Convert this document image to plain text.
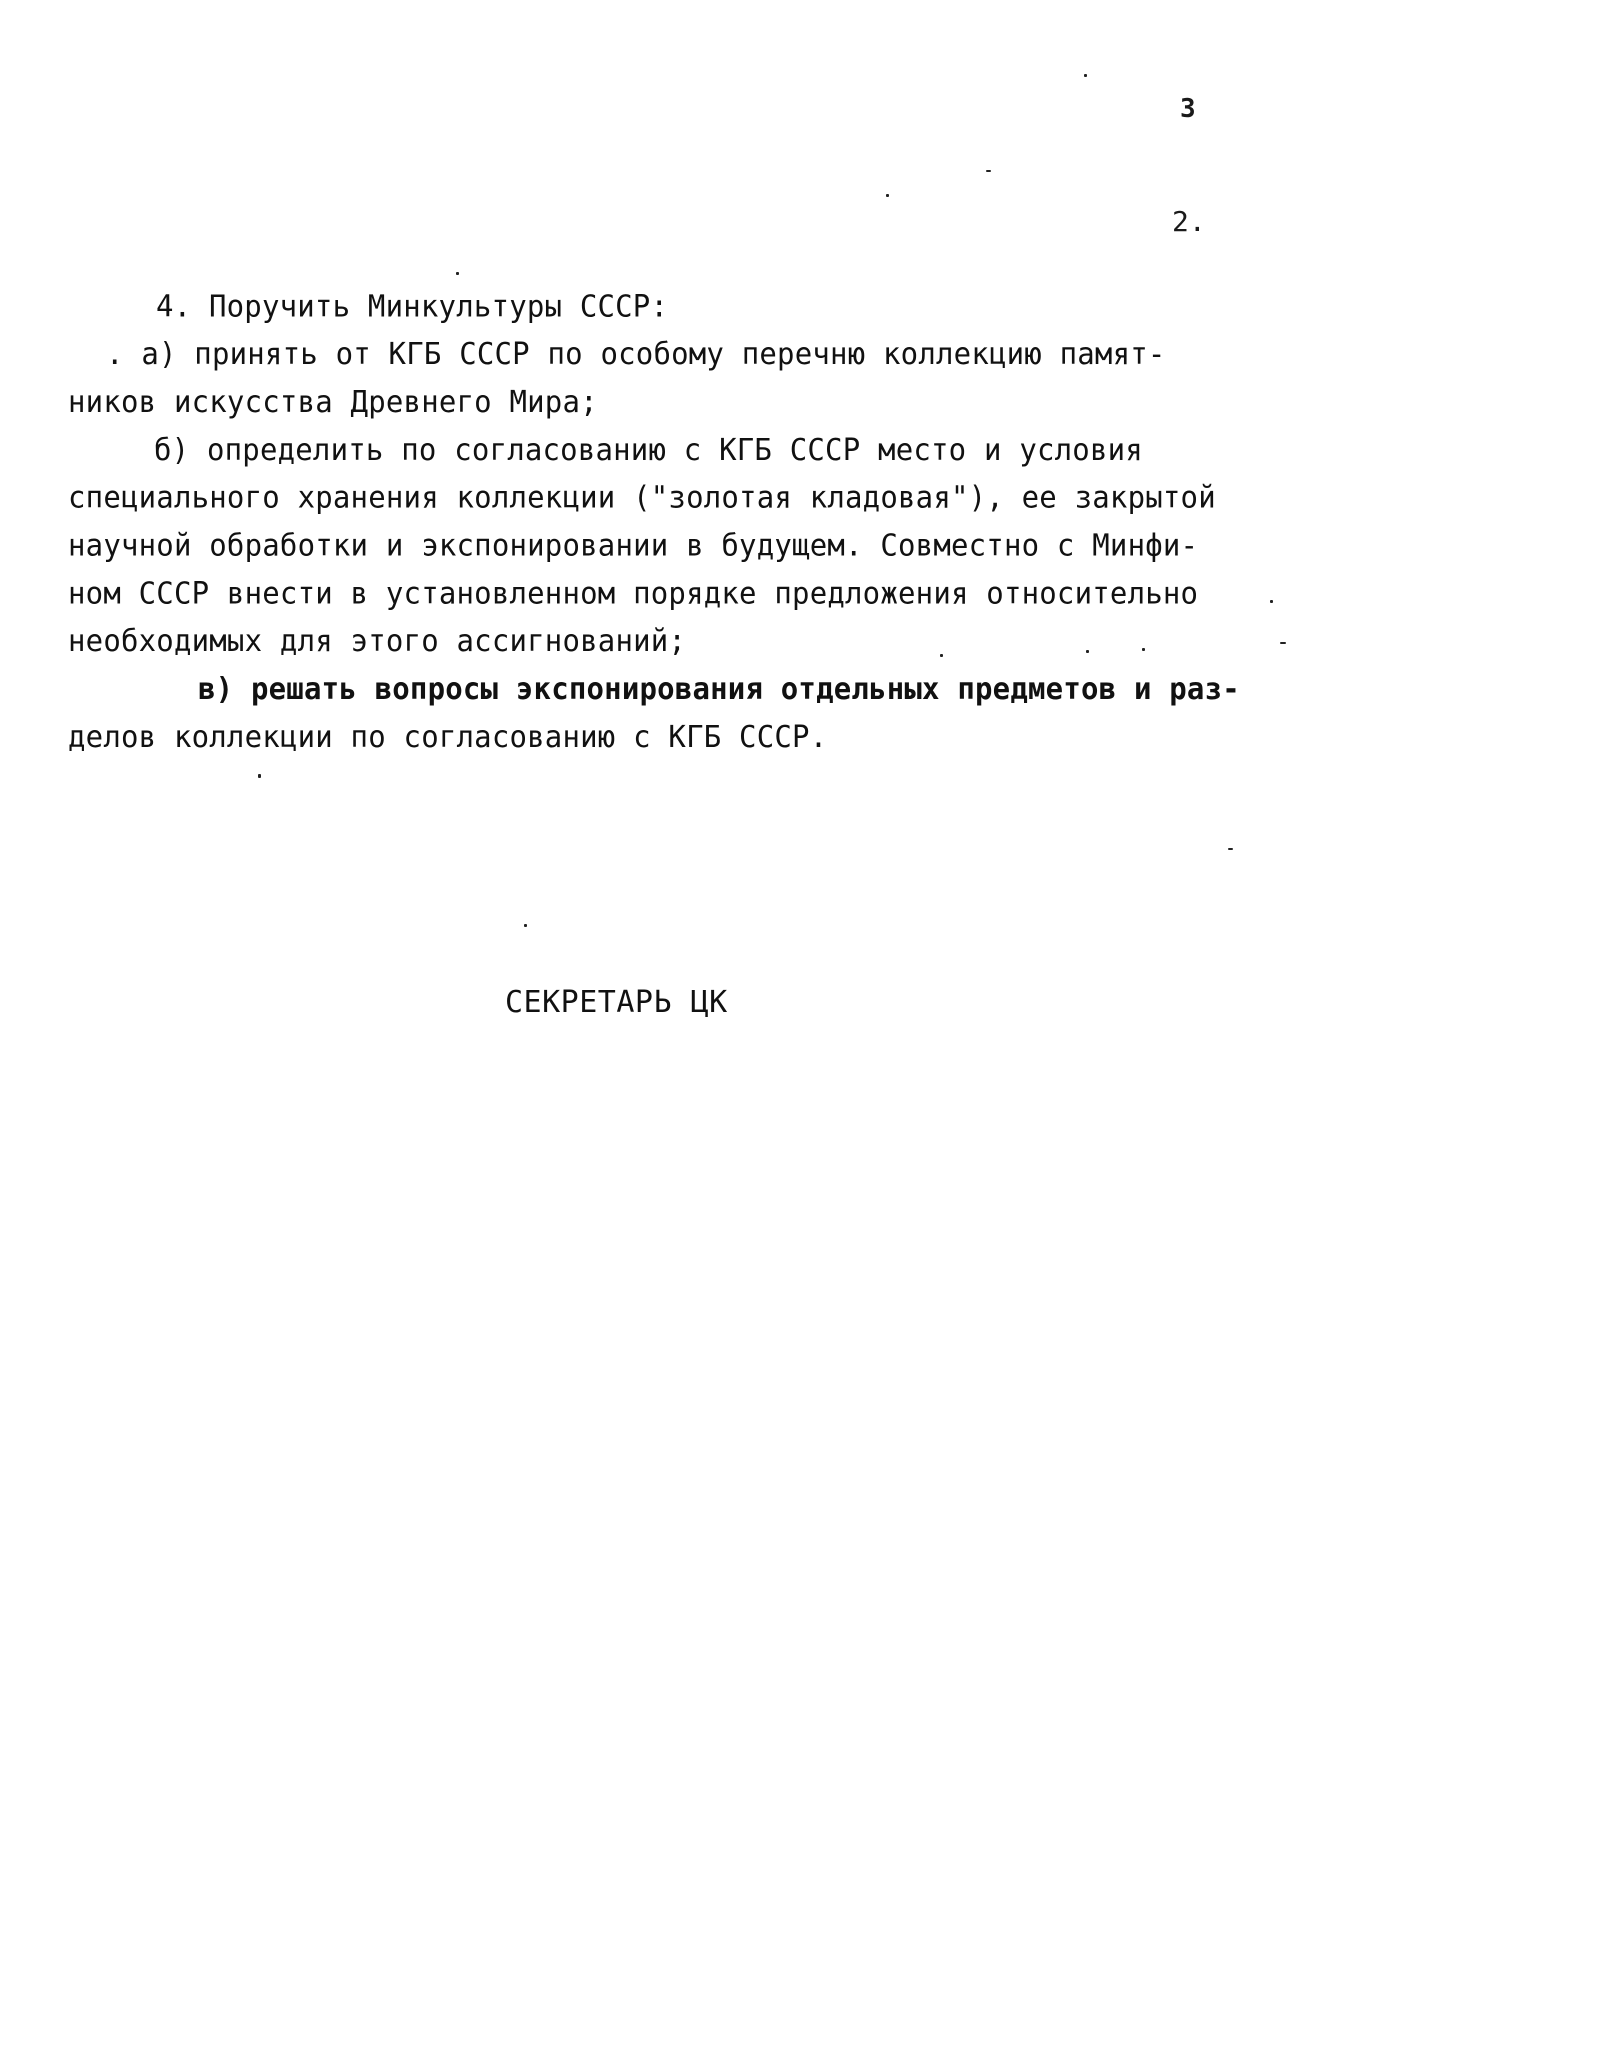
3
2.
4. Поручить Минкультуры СССР:
. а) принять от КГБ СССР по особому перечню коллекцию памят-
ников искусства Древнего Мира;
б) определить по согласованию с КГБ СССР место и условия
специального хранения коллекции ("золотая кладовая"), ее закрытой
научной обработки и экспонировании в будущем. Совместно с Минфи-
ном СССР внести в установленном порядке предложения относительно
необходимых для этого ассигнований;
в) решать вопросы экспонирования отдельных предметов и раз-
делов коллекции по согласованию с КГБ СССР.
СЕКРЕТАРЬ ЦК
